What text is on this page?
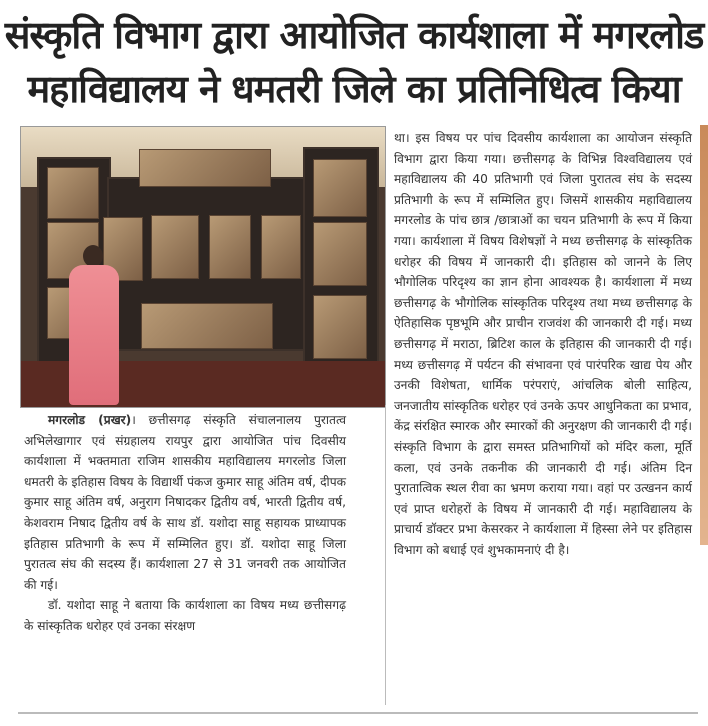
संस्कृति विभाग द्वारा आयोजित कार्यशाला में मगरलोड
महाविद्यालय ने धमतरी जिले का प्रतिनिधित्व किया

मगरलोड (प्रखर)। छत्तीसगढ़ संस्कृति संचालनालय पुरातत्व अभिलेखागार एवं संग्रहालय रायपुर द्वारा आयोजित पांच दिवसीय कार्यशाला में भक्तमाता राजिम शासकीय महाविद्यालय मगरलोड जिला धमतरी के इतिहास विषय के विद्यार्थी पंकज कुमार साहू अंतिम वर्ष, दीपक कुमार साहू अंतिम वर्ष, अनुराग निषादकर द्वितीय वर्ष, भारती द्वितीय वर्ष, केशवराम निषाद द्वितीय वर्ष के साथ डॉ. यशोदा साहू सहायक प्राध्यापक इतिहास प्रतिभागी के रूप में सम्मिलित हुए। डॉ. यशोदा साहू जिला पुरातत्व संघ की सदस्य हैं। कार्यशाला 27 से 31 जनवरी तक आयोजित की गई।

डॉ. यशोदा साहू ने बताया कि कार्यशाला का विषय मध्य छत्तीसगढ़ के सांस्कृतिक धरोहर एवं उनका संरक्षण

था। इस विषय पर पांच दिवसीय कार्यशाला का आयोजन संस्कृति विभाग द्वारा किया गया। छत्तीसगढ़ के विभिन्न विश्वविद्यालय एवं महाविद्यालय की 40 प्रतिभागी एवं जिला पुरातत्व संघ के सदस्य प्रतिभागी के रूप में सम्मिलित हुए। जिसमें शासकीय महाविद्यालय मगरलोड के पांच छात्र /छात्राओं का चयन प्रतिभागी के रूप में किया गया। कार्यशाला में विषय विशेषज्ञों ने मध्य छत्तीसगढ़ के सांस्कृतिक धरोहर की विषय में जानकारी दी। इतिहास को जानने के लिए भौगोलिक परिदृश्य का ज्ञान होना आवश्यक है। कार्यशाला में मध्य छत्तीसगढ़ के भौगोलिक सांस्कृतिक परिदृश्य तथा मध्य छत्तीसगढ़ के ऐतिहासिक पृष्ठभूमि और प्राचीन राजवंश की जानकारी दी गई। मध्य छत्तीसगढ़ में मराठा, ब्रिटिश काल के इतिहास की जानकारी दी गई। मध्य छत्तीसगढ़ में पर्यटन की संभावना एवं पारंपरिक खाद्य पेय और उनकी विशेषता, धार्मिक परंपराएं, आंचलिक बोली साहित्य, जनजातीय सांस्कृतिक धरोहर एवं उनके ऊपर आधुनिकता का प्रभाव, केंद्र संरक्षित स्मारक और स्मारकों की अनुरक्षण की जानकारी दी गई। संस्कृति विभाग के द्वारा समस्त प्रतिभागियों को मंदिर कला, मूर्ति कला, एवं उनके तकनीक की जानकारी दी गई। अंतिम दिन पुरातात्विक स्थल रीवा का भ्रमण कराया गया। वहां पर उत्खनन कार्य एवं प्राप्त धरोहरों के विषय में जानकारी दी गई। महाविद्यालय के प्राचार्य डॉक्टर प्रभा केसरकर ने कार्यशाला में हिस्सा लेने पर इतिहास विभाग को बधाई एवं शुभकामनाएं दी है।
